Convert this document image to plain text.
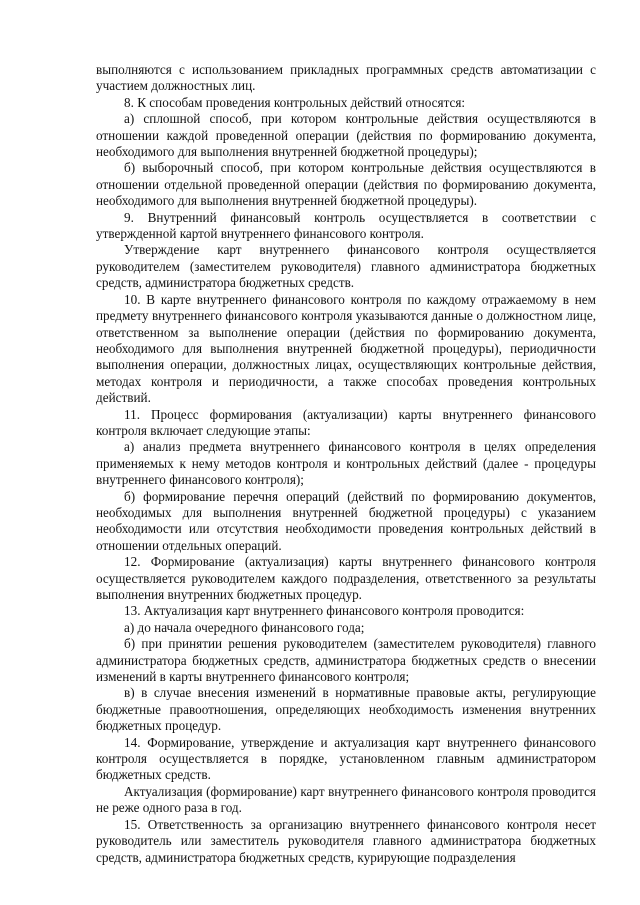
выполняются с использованием прикладных программных средств автоматизации с участием должностных лиц.

8. К способам проведения контрольных действий относятся:

а) сплошной способ, при котором контрольные действия осуществляются в отношении каждой проведенной операции (действия по формированию документа, необходимого для выполнения внутренней бюджетной процедуры);

б) выборочный способ, при котором контрольные действия осуществляются в отношении отдельной проведенной операции (действия по формированию документа, необходимого для выполнения внутренней бюджетной процедуры).

9. Внутренний финансовый контроль осуществляется в соответствии с утвержденной картой внутреннего финансового контроля.

Утверждение карт внутреннего финансового контроля осуществляется руководителем (заместителем руководителя) главного администратора бюджетных средств, администратора бюджетных средств.

10. В карте внутреннего финансового контроля по каждому отражаемому в нем предмету внутреннего финансового контроля указываются данные о должностном лице, ответственном за выполнение операции (действия по формированию документа, необходимого для выполнения внутренней бюджетной процедуры), периодичности выполнения операции, должностных лицах, осуществляющих контрольные действия, методах контроля и периодичности, а также способах проведения контрольных действий.

11. Процесс формирования (актуализации) карты внутреннего финансового контроля включает следующие этапы:

а) анализ предмета внутреннего финансового контроля в целях определения применяемых к нему методов контроля и контрольных действий (далее - процедуры внутреннего финансового контроля);

б) формирование перечня операций (действий по формированию документов, необходимых для выполнения внутренней бюджетной процедуры) с указанием необходимости или отсутствия необходимости проведения контрольных действий в отношении отдельных операций.

12. Формирование (актуализация) карты внутреннего финансового контроля осуществляется руководителем каждого подразделения, ответственного за результаты выполнения внутренних бюджетных процедур.

13. Актуализация карт внутреннего финансового контроля проводится:

а) до начала очередного финансового года;

б) при принятии решения руководителем (заместителем руководителя) главного администратора бюджетных средств, администратора бюджетных средств о внесении изменений в карты внутреннего финансового контроля;

в) в случае внесения изменений в нормативные правовые акты, регулирующие бюджетные правоотношения, определяющих необходимость изменения внутренних бюджетных процедур.

14. Формирование, утверждение и актуализация карт внутреннего финансового контроля осуществляется в порядке, установленном главным администратором бюджетных средств.

Актуализация (формирование) карт внутреннего финансового контроля проводится не реже одного раза в год.

15. Ответственность за организацию внутреннего финансового контроля несет руководитель или заместитель руководителя главного администратора бюджетных средств, администратора бюджетных средств, курирующие подразделения
